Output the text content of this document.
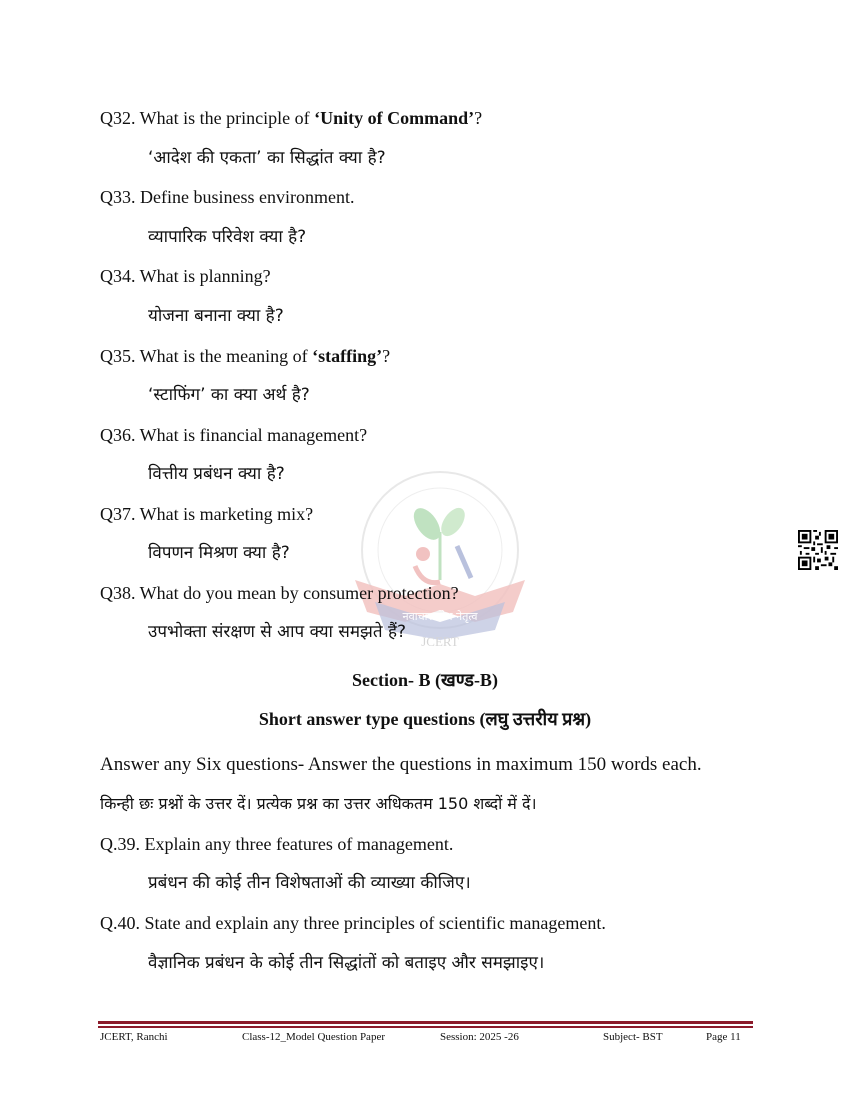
Q32. What is the principle of ‘Unity of Command’?
‘आदेश की एकता’ का सिद्धांत क्या है?
Q33. Define business environment.
व्यापारिक परिवेश क्या है?
Q34. What is planning?
योजना बनाना क्या है?
Q35. What is the meaning of ‘staffing’?
‘स्टाफिंग’ का क्या अर्थ है?
Q36. What is financial management?
वित्तीय प्रबंधन क्या है?
नवाचार शोध नेतृत्व
JCERT
Q37. What is marketing mix?
विपणन मिश्रण क्या है?
Q38. What do you mean by consumer protection?
उपभोक्ता संरक्षण से आप क्या समझते हैं?
Section- B (खण्ड-B)
Short answer type questions (लघु उत्तरीय प्रश्न)
Answer any Six questions- Answer the questions in maximum 150 words each.
किन्ही छः प्रश्नों के उत्तर दें। प्रत्येक प्रश्न का उत्तर अधिकतम 150 शब्दों में दें।
Q.39. Explain any three features of management.
प्रबंधन की कोई तीन विशेषताओं की व्याख्या कीजिए।
Q.40. State and explain any three principles of scientific management.
वैज्ञानिक प्रबंधन के कोई तीन सिद्धांतों को बताइए और समझाइए।
JCERT, Ranchi	Class-12_Model Question Paper	Session: 2025 -26	Subject- BST	Page 11
